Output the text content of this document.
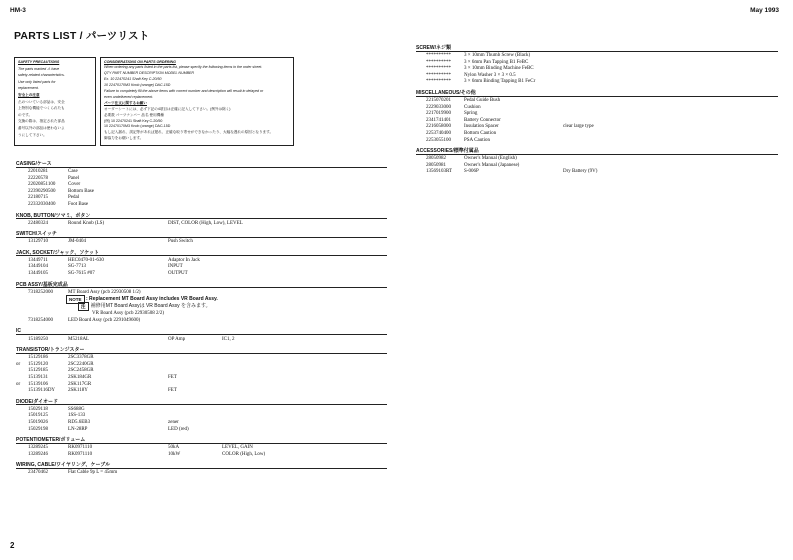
HM-3	May 1993
PARTS LIST / パーツリスト
SAFETY PRECAUTIONS
The parts marked ⚠ have
safety-related characteristics.
Use only listed parts for
replacement.
安全上の注意
⚠のついている部品は、安全
上特別な機能でつくられたも
のです。
交換の際は、指定された部品
番号以外の部品は使わないよ
うにして下さい。
CONSIDERATIONS ON PARTS ORDERING
When ordering any parts listed in the parts list, please specify the following items in the order sheet.
QTY PART NUMBER DESCRIPTION MODEL NUMBER
Ex. 10 22470241 Shaft Key C-20/50
10 22470170M3 Knob (orange) DAC-15D
Failure to completely fill the above items with correct number and description will result in delayed or
even undelivered replacement.
パーツ注文に関するお願い
オーダーシートには、必ず下記の4項目は正確に記入して下さい。(例外は除く)
必要数 パーツナンバー 品名 使用機種
(例) 10 22470241 Shaft Key C-20/50
10 22470170M3 Knob (orange) DAC-15D
もし記入漏れ、誤記等があれば遅れ、正確な取り寄せができなかったり、大幅な遅れの原因となります。
御協力をお願いします。
CASING/ケース
22010281	Case
22220578	Panel
22020851100	Cover
22390290500	Bottom Base
22180715	Pedal
22332030400	Foot Base
KNOB, BUTTON/ツマミ、ボタン
22480324	Round Knob (LS)	DIST, COLOR (High, Low), LEVEL
SWITCH/スイッチ
13129710	JM-0404	Push Switch
JACK, SOCKET/ジャック、ソケット
13449711	HEC0470-01-630	Adaptor In Jack
13449104	SG-7713	INPUT
13449105	SG-7615 #07	OUTPUT
PCB ASSY/基板完成品
7318252000	MT Board Assy (pcb 22930508 1/2)
NOTE : Replacement MT Board Assy includes VR Board Assy.
注 : 補修用MT Board Assyは VR Board Assy を含みます。
VR Board Assy (pcb 22930508 2/2)
7318254000	LED Board Assy (pcb 2291049600)
IC
15189250	M5218AL	OP Amp	IC1, 2
TRANSISTOR/トランジスター
15129186	2SC3378GR
or 15129120	2SC2240GR
15129185	2SC2458GR
15139131	2SK184GR	FET
or 15139106	2SK117GR
15139116DY	2SK118Y	FET
DIODE/ダイオード
15029118	SS688G
15019125	1SS-133
15019026	RD5.6EB3	zener
15029198	LN-28RP	LED (red)
POTENTIOMETER/ボリューム
13289245	RK0971110	50kA	LEVEL, GAIN
13289246	RK0971110	10kW	COLOR (High, Low)
WIRING, CABLE/ワイヤリング、ケーブル
23470462	Flat Cable 9p L = 45mm
SCREW/ネジ類
**********	3 × 10mm Thumb Screw (Black)
**********	3 × 6mm Pan Tapping B1 FeBC
**********	3 × 10mm Binding Machine FeBC
**********	Nylon Washer 3 × 3 × 0.5
**********	3 × 6mm Binding Tapping B1 FeCr
MISCELLANEOUS/その他
2215070201	Pedal Guide Bush
2229033000	Cushion
2217019900	Spring
2341741401	Battery Connector
2216058000	Insulation Spacer	clear large type
2253740400	Bottom Caution
2253055100	PSA Caution
ACCESSORIES/標準付属品
28050982	Owner's Manual (English)
28050981	Owner's Manual (Japanese)
13569103RT S-006P	Dry Battery (9V)
2
